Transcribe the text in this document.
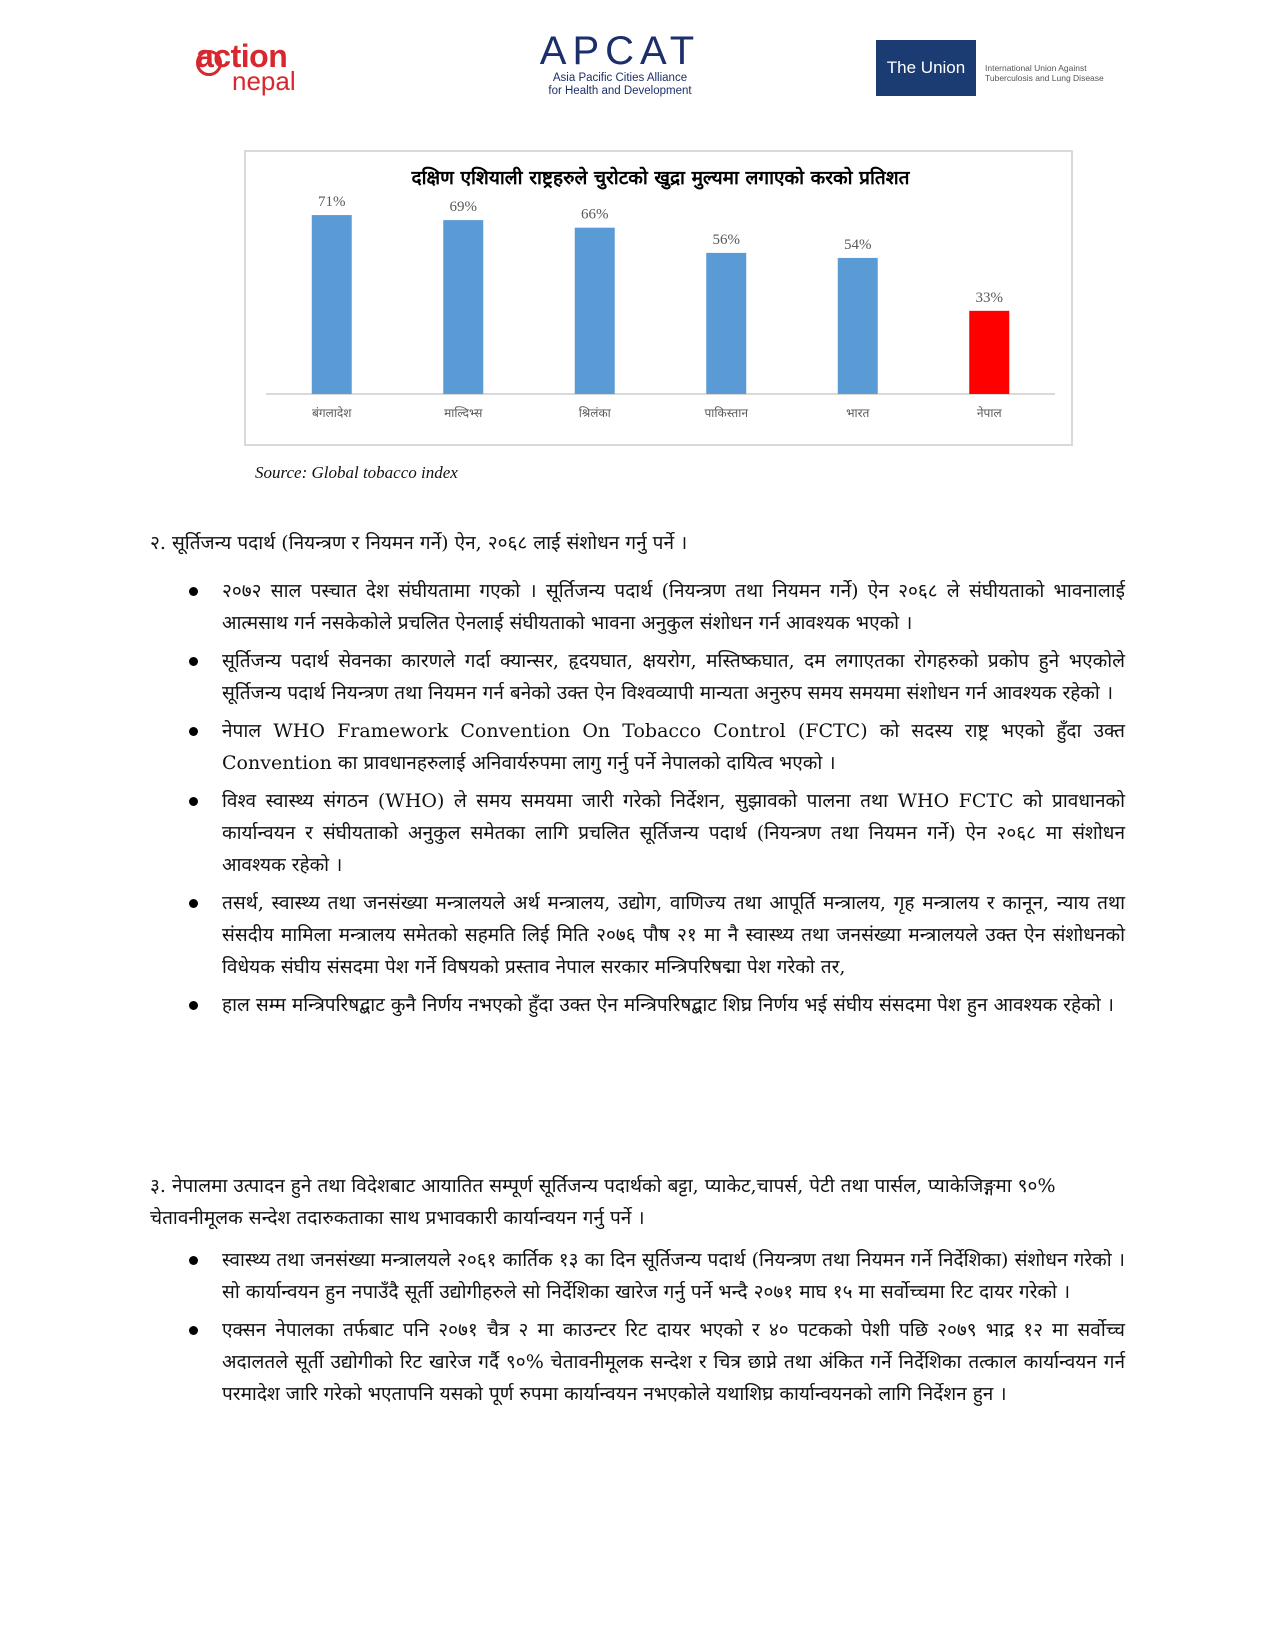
action
nepal
APCAT
Asia Pacific Cities Alliance
for Health and Development
The Union International Union Against
Tuberculosis and Lung Disease
दक्षिण एशियाली राष्ट्रहरुले चुरोटको खुद्रा मुल्यमा लगाएको करको प्रतिशत
71%
बंगलादेश
69%
माल्दिभ्स
66%
श्रिलंका
56%
पाकिस्तान
54%
भारत
33%
नेपाल
Source: Global tobacco index
२. सूर्तिजन्य पदार्थ (नियन्त्रण र नियमन गर्ने) ऐन, २०६८ लाई संशोधन गर्नु पर्ने ।
२०७२ साल पस्चात देश संघीयतामा गएको । सूर्तिजन्य पदार्थ (नियन्त्रण तथा नियमन गर्ने) ऐन २०६८ ले संघीयताको भावनालाई आत्मसाथ गर्न नसकेकोले प्रचलित ऐनलाई संघीयताको भावना अनुकुल संशोधन गर्न आवश्यक भएको ।
सूर्तिजन्य पदार्थ सेवनका कारणले गर्दा क्यान्सर, हृदयघात, क्षयरोग, मस्तिष्कघात, दम लगाएतका रोगहरुको प्रकोप हुने भएकोले सूर्तिजन्य पदार्थ नियन्त्रण तथा नियमन गर्न बनेको उक्त ऐन विश्वव्यापी मान्यता अनुरुप समय समयमा संशोधन गर्न आवश्यक रहेको ।
नेपाल WHO Framework Convention On Tobacco Control (FCTC) को सदस्य राष्ट्र भएको हुँदा उक्त Convention का प्रावधानहरुलाई अनिवार्यरुपमा लागु गर्नु पर्ने नेपालको दायित्व भएको ।
विश्व स्वास्थ्य संगठन (WHO) ले समय समयमा जारी गरेको निर्देशन, सुझावको पालना तथा WHO FCTC को प्रावधानको कार्यान्वयन र संघीयताको अनुकुल समेतका लागि प्रचलित सूर्तिजन्य पदार्थ (नियन्त्रण तथा नियमन गर्ने) ऐन २०६८ मा संशोधन आवश्यक रहेको ।
तसर्थ, स्वास्थ्य तथा जनसंख्या मन्त्रालयले अर्थ मन्त्रालय, उद्योग, वाणिज्य तथा आपूर्ति मन्त्रालय, गृह मन्त्रालय र कानून, न्याय तथा संसदीय मामिला मन्त्रालय समेतको सहमति लिई मिति २०७६ पौष २१ मा नै स्वास्थ्य तथा जनसंख्या मन्त्रालयले उक्त ऐन संशोधनको विधेयक संघीय संसदमा पेश गर्ने विषयको प्रस्ताव नेपाल सरकार मन्त्रिपरिषद्मा पेश गरेको तर,
हाल सम्म मन्त्रिपरिषद्बाट कुनै निर्णय नभएको हुँदा उक्त ऐन मन्त्रिपरिषद्बाट शिघ्र निर्णय भई संघीय संसदमा पेश हुन आवश्यक रहेको ।
३. नेपालमा उत्पादन हुने तथा विदेशबाट आयातित सम्पूर्ण सूर्तिजन्य पदार्थको बट्टा, प्याकेट,चापर्स, पेटी तथा पार्सल, प्याकेजिङ्गमा ९०% चेतावनीमूलक सन्देश तदारुकताका साथ प्रभावकारी कार्यान्वयन गर्नु पर्ने ।
स्वास्थ्य तथा जनसंख्या मन्त्रालयले २०६१ कार्तिक १३ का दिन सूर्तिजन्य पदार्थ (नियन्त्रण तथा नियमन गर्ने निर्देशिका) संशोधन गरेको । सो कार्यान्वयन हुन नपाउँदै सूर्ती उद्योगीहरुले सो निर्देशिका खारेज गर्नु पर्ने भन्दै २०७१ माघ १५ मा सर्वोच्चमा रिट दायर गरेको ।
एक्सन नेपालका तर्फबाट पनि २०७१ चैत्र २ मा काउन्टर रिट दायर भएको र ४० पटकको पेशी पछि २०७९ भाद्र १२ मा सर्वोच्च अदालतले सूर्ती उद्योगीको रिट खारेज गर्दै ९०% चेतावनीमूलक सन्देश र चित्र छाप्ने तथा अंकित गर्ने निर्देशिका तत्काल कार्यान्वयन गर्न परमादेश जारि गरेको भएतापनि यसको पूर्ण रुपमा कार्यान्वयन नभएकोले यथाशिघ्र कार्यान्वयनको लागि निर्देशन हुन ।
